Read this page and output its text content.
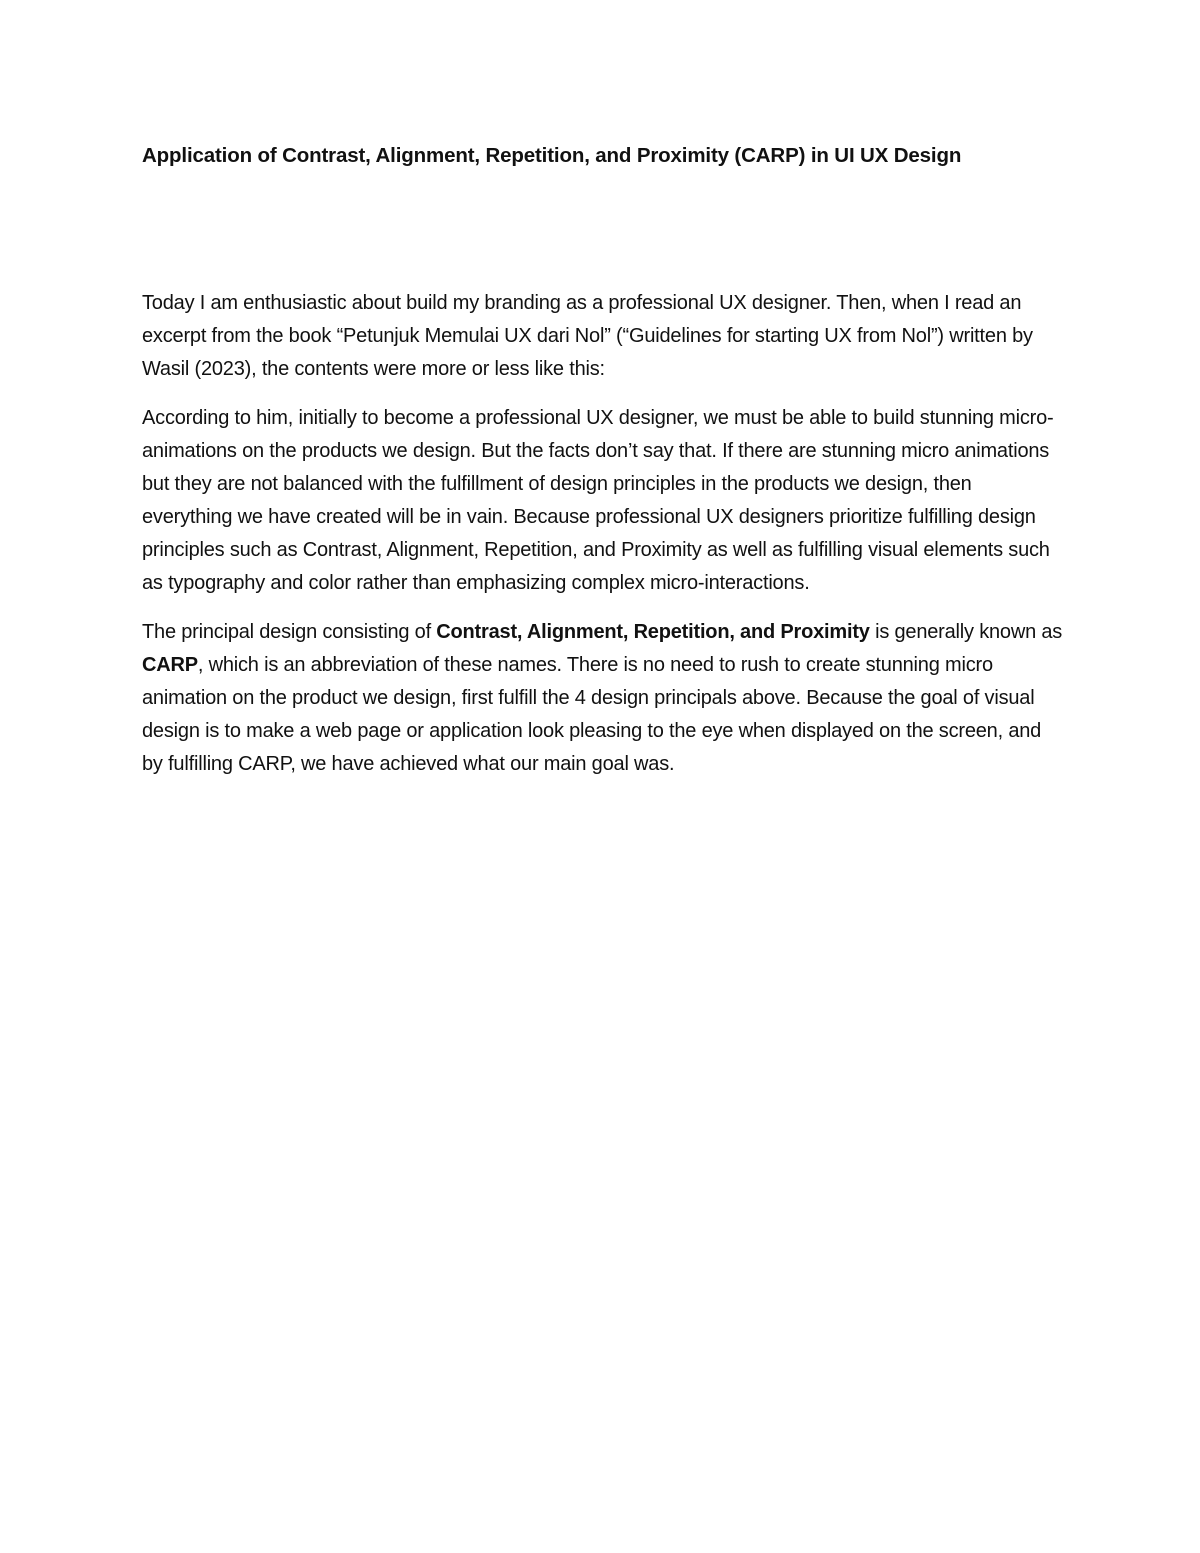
Application of Contrast, Alignment, Repetition, and Proximity (CARP) in UI UX Design

Today I am enthusiastic about build my branding as a professional UX designer. Then, when I read an excerpt from the book “Petunjuk Memulai UX dari Nol” (“Guidelines for starting UX from Nol”) written by Wasil (2023), the contents were more or less like this:

According to him, initially to become a professional UX designer, we must be able to build stunning micro-animations on the products we design. But the facts don’t say that. If there are stunning micro animations but they are not balanced with the fulfillment of design principles in the products we design, then everything we have created will be in vain. Because professional UX designers prioritize fulfilling design principles such as Contrast, Alignment, Repetition, and Proximity as well as fulfilling visual elements such as typography and color rather than emphasizing complex micro-interactions.

The principal design consisting of Contrast, Alignment, Repetition, and Proximity is generally known as CARP, which is an abbreviation of these names. There is no need to rush to create stunning micro animation on the product we design, first fulfill the 4 design principals above. Because the goal of visual design is to make a web page or application look pleasing to the eye when displayed on the screen, and by fulfilling CARP, we have achieved what our main goal was.
